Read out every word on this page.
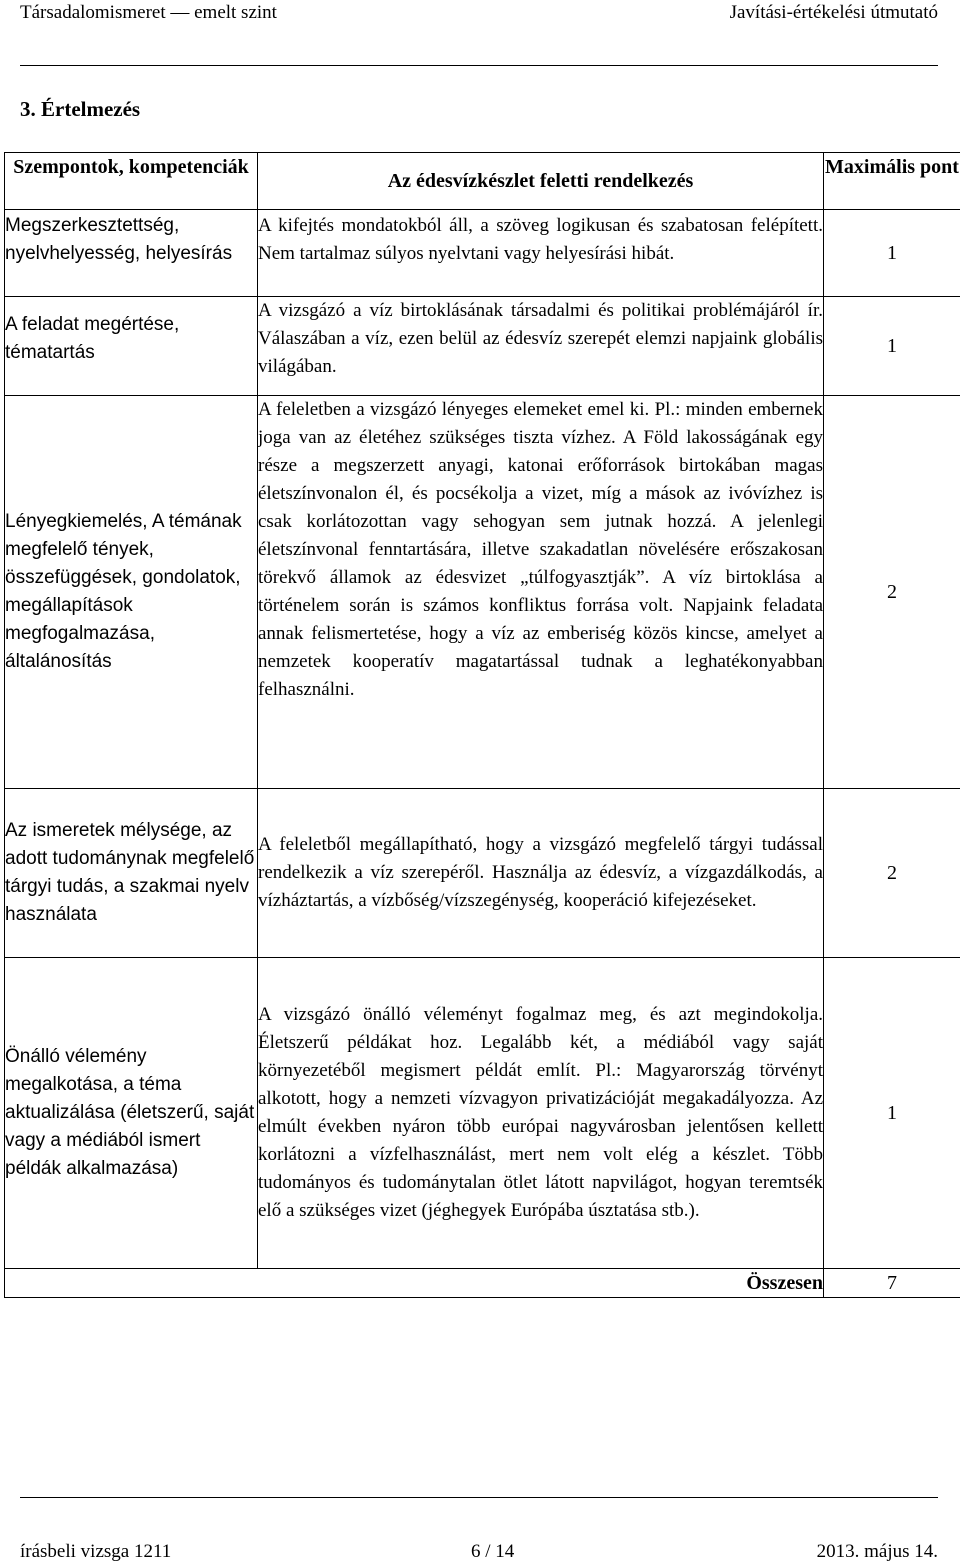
Társadalomismeret — emelt szint	Javítási-értékelési útmutató
3. Értelmezés
Szempontok, kompetenciák	Az édesvízkészlet feletti rendelkezés	Maximális pont
Megszerkesztettség, nyelvhelyesség, helyesírás	A kifejtés mondatokból áll, a szöveg logikusan és szabatosan felépített. Nem tartalmaz súlyos nyelvtani vagy helyesírási hibát.	1
A feladat megértése, tématartás	A vizsgázó a víz birtoklásának társadalmi és politikai problémájáról ír. Válaszában a víz, ezen belül az édesvíz szerepét elemzi napjaink globális világában.	1
Lényegkiemelés, A témának megfelelő tények, összefüggések, gondolatok, megállapítások megfogalmazása, általánosítás	A feleletben a vizsgázó lényeges elemeket emel ki. Pl.: minden embernek joga van az életéhez szükséges tiszta vízhez. A Föld lakosságának egy része a megszerzett anyagi, katonai erőforrások birtokában magas életszínvonalon él, és pocsékolja a vizet, míg a mások az ivóvízhez is csak korlátozottan vagy sehogyan sem jutnak hozzá. A jelenlegi életszínvonal fenntartására, illetve szakadatlan növelésére erőszakosan törekvő államok az édesvizet „túlfogyasztják”. A víz birtoklása a történelem során is számos konfliktus forrása volt. Napjaink feladata annak felismertetése, hogy a víz az emberiség közös kincse, amelyet a nemzetek kooperatív magatartással tudnak a leghatékonyabban felhasználni.	2
Az ismeretek mélysége, az adott tudománynak megfelelő tárgyi tudás, a szakmai nyelv használata	A feleletből megállapítható, hogy a vizsgázó megfelelő tárgyi tudással rendelkezik a víz szerepéről. Használja az édesvíz, a vízgazdálkodás, a vízháztartás, a vízbőség/vízszegénység, kooperáció kifejezéseket.	2
Önálló vélemény megalkotása, a téma aktualizálása (életszerű, saját vagy a médiából ismert példák alkalmazása)	A vizsgázó önálló véleményt fogalmaz meg, és azt megindokolja. Életszerű példákat hoz. Legalább két, a médiából vagy saját környezetéből megismert példát említ. Pl.: Magyarország törvényt alkotott, hogy a nemzeti vízvagyon privatizációját megakadályozza. Az elmúlt években nyáron több európai nagyvárosban jelentősen kellett korlátozni a vízfelhasználást, mert nem volt elég a készlet. Több tudományos és tudománytalan ötlet látott napvilágot, hogyan teremtsék elő a szükséges vizet (jéghegyek Európába úsztatása stb.).	1
Összesen		7
írásbeli vizsga 1211	6 / 14	2013. május 14.
